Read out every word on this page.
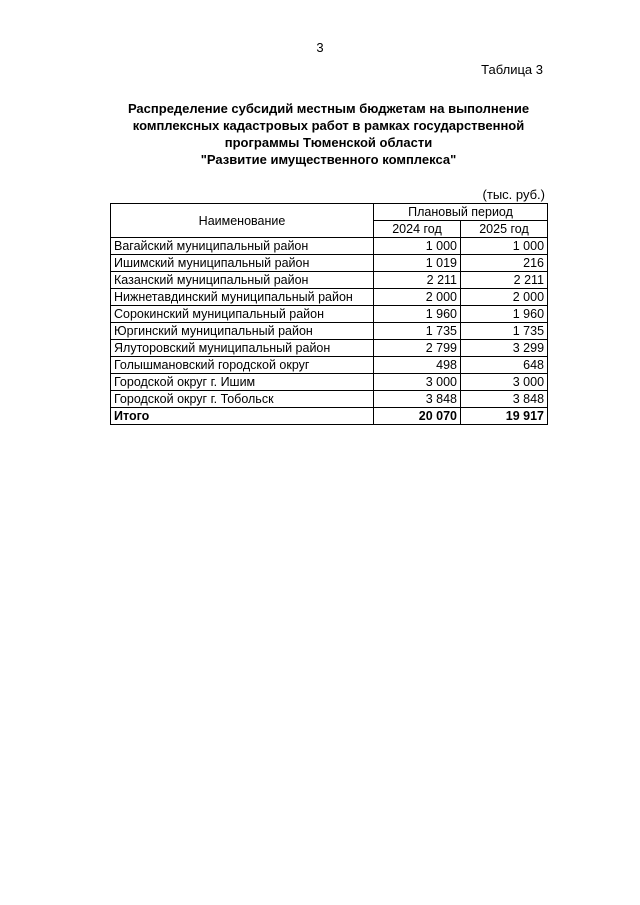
3
Таблица 3
Распределение субсидий местным бюджетам на выполнение
комплексных кадастровых работ в рамках государственной
программы Тюменской области
"Развитие имущественного комплекса"
(тыс. руб.)
Наименование	Плановый период	
	2024 год	2025 год
Вагайский муниципальный район	1 000	1 000
Ишимский муниципальный район	1 019	216
Казанский муниципальный район	2 211	2 211
Нижнетавдинский муниципальный район	2 000	2 000
Сорокинский муниципальный район	1 960	1 960
Юргинский муниципальный район	1 735	1 735
Ялуторовский муниципальный район	2 799	3 299
Голышмановский городской округ	498	648
Городской округ г. Ишим	3 000	3 000
Городской округ г. Тобольск	3 848	3 848
Итого	20 070	19 917
